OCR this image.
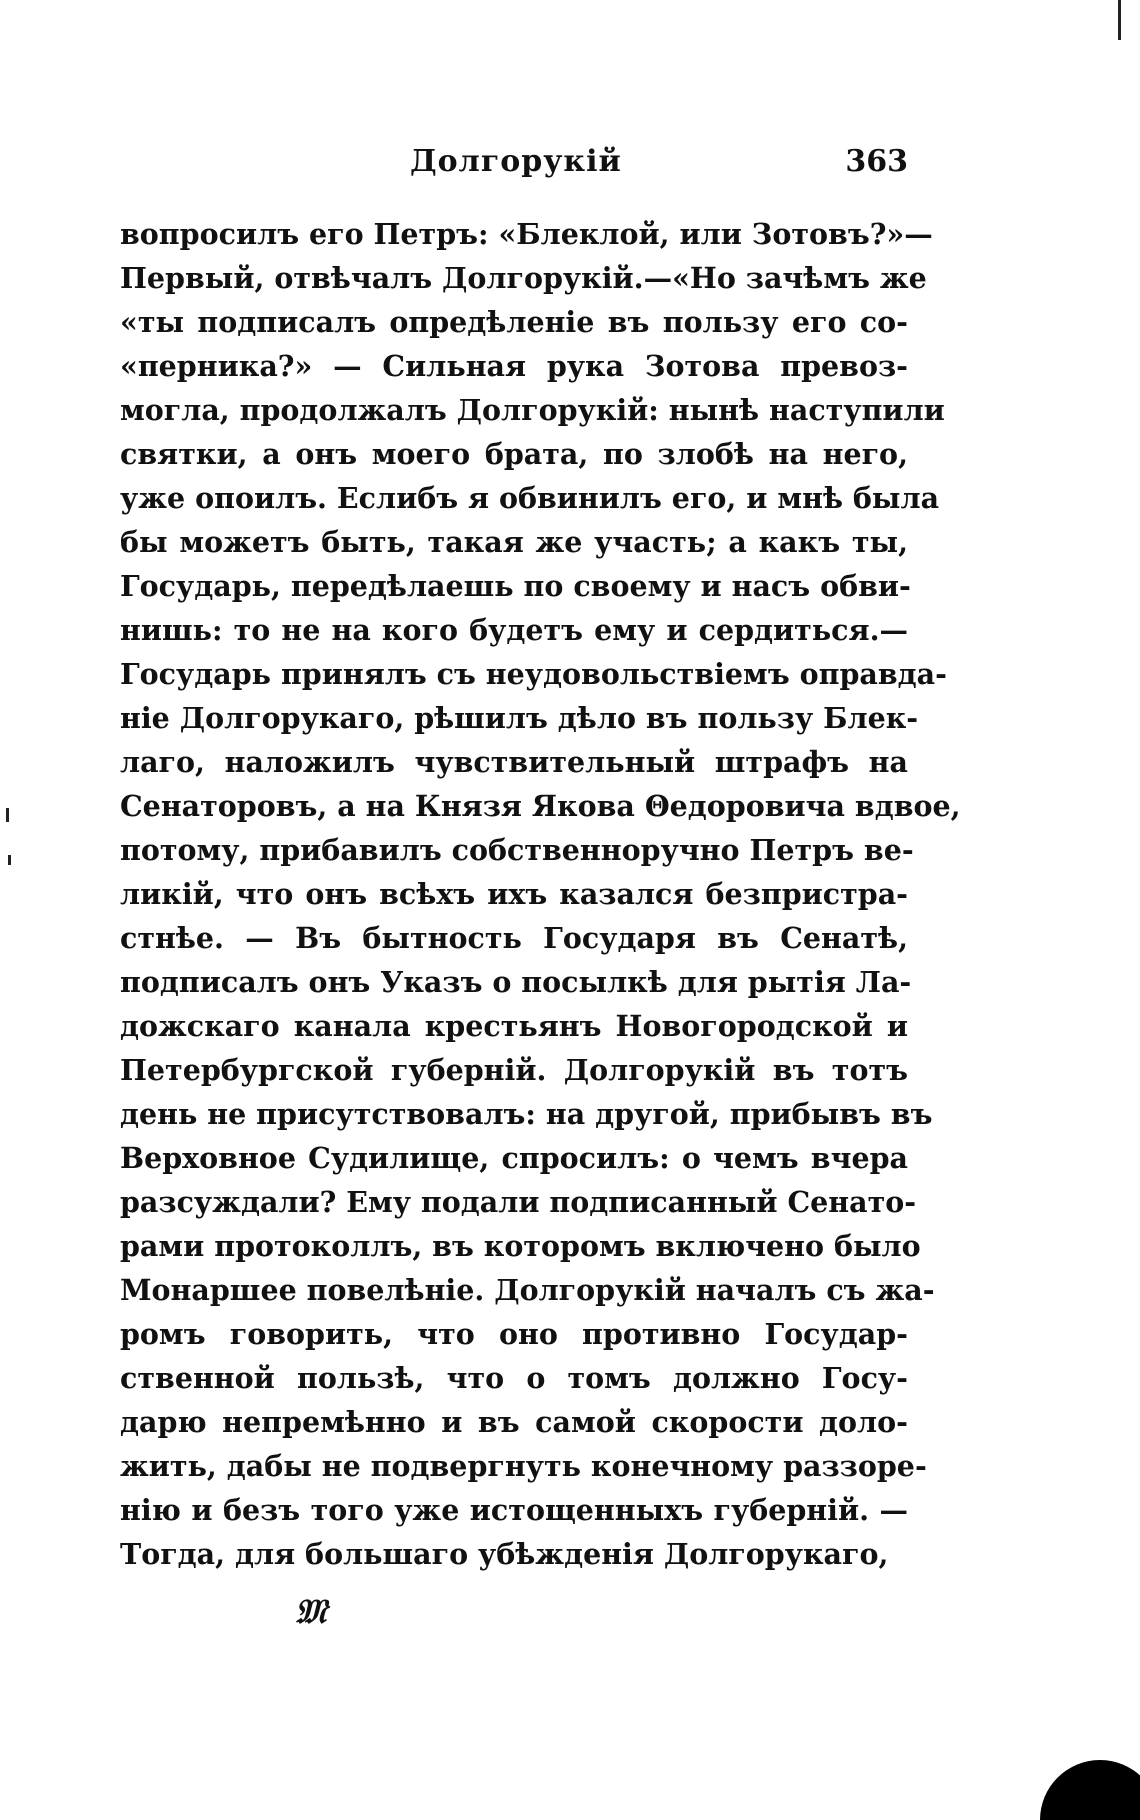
Долгорукій	363
вопросилъ его Петръ: «Блеклой, или Зотовъ?»—
Первый, отвѣчалъ Долгорукій.—«Но зачѣмъ же
«ты подписалъ опредѣленіе въ пользу его со-
«перника?» — Сильная рука Зотова превоз-
могла, продолжалъ Долгорукій: нынѣ наступили
святки, а онъ моего брата, по злобѣ на него,
уже опоилъ. Еслибъ я обвинилъ его, и мнѣ была
бы можетъ быть, такая же участь; а какъ ты,
Государь, передѣлаешь по своему и насъ обви-
нишь: то не на кого будетъ ему и сердиться.—
Государь принялъ съ неудовольствіемъ оправда-
ніе Долгорукаго, рѣшилъ дѣло въ пользу Блек-
лаго, наложилъ чувствительный штрафъ на
Сенаторовъ, а на Князя Якова Θедоровича вдвое,
потому, прибавилъ собственноручно Петръ ве-
ликій, что онъ всѣхъ ихъ казался безпристра-
стнѣе. — Въ бытность Государя въ Сенатѣ,
подписалъ онъ Указъ о посылкѣ для рытія Ла-
дожскаго канала крестьянъ Новогородской и
Петербургской губерній. Долгорукій въ тотъ
день не присутствовалъ: на другой, прибывъ въ
Верховное Судилище, спросилъ: о чемъ вчера
разсуждали? Ему подали подписанный Сенато-
рами протоколлъ, въ которомъ включено было
Монаршее повелѣніе. Долгорукій началъ съ жа-
ромъ говорить, что оно противно Государ-
ственной пользѣ, что о томъ должно Госу-
дарю непремѣнно и въ самой скорости доло-
жить, дабы не подвергнуть конечному раззоре-
нію и безъ того уже истощенныхъ губерній. —
Тогда, для большаго убѣжденія Долгорукаго,
𝔐
